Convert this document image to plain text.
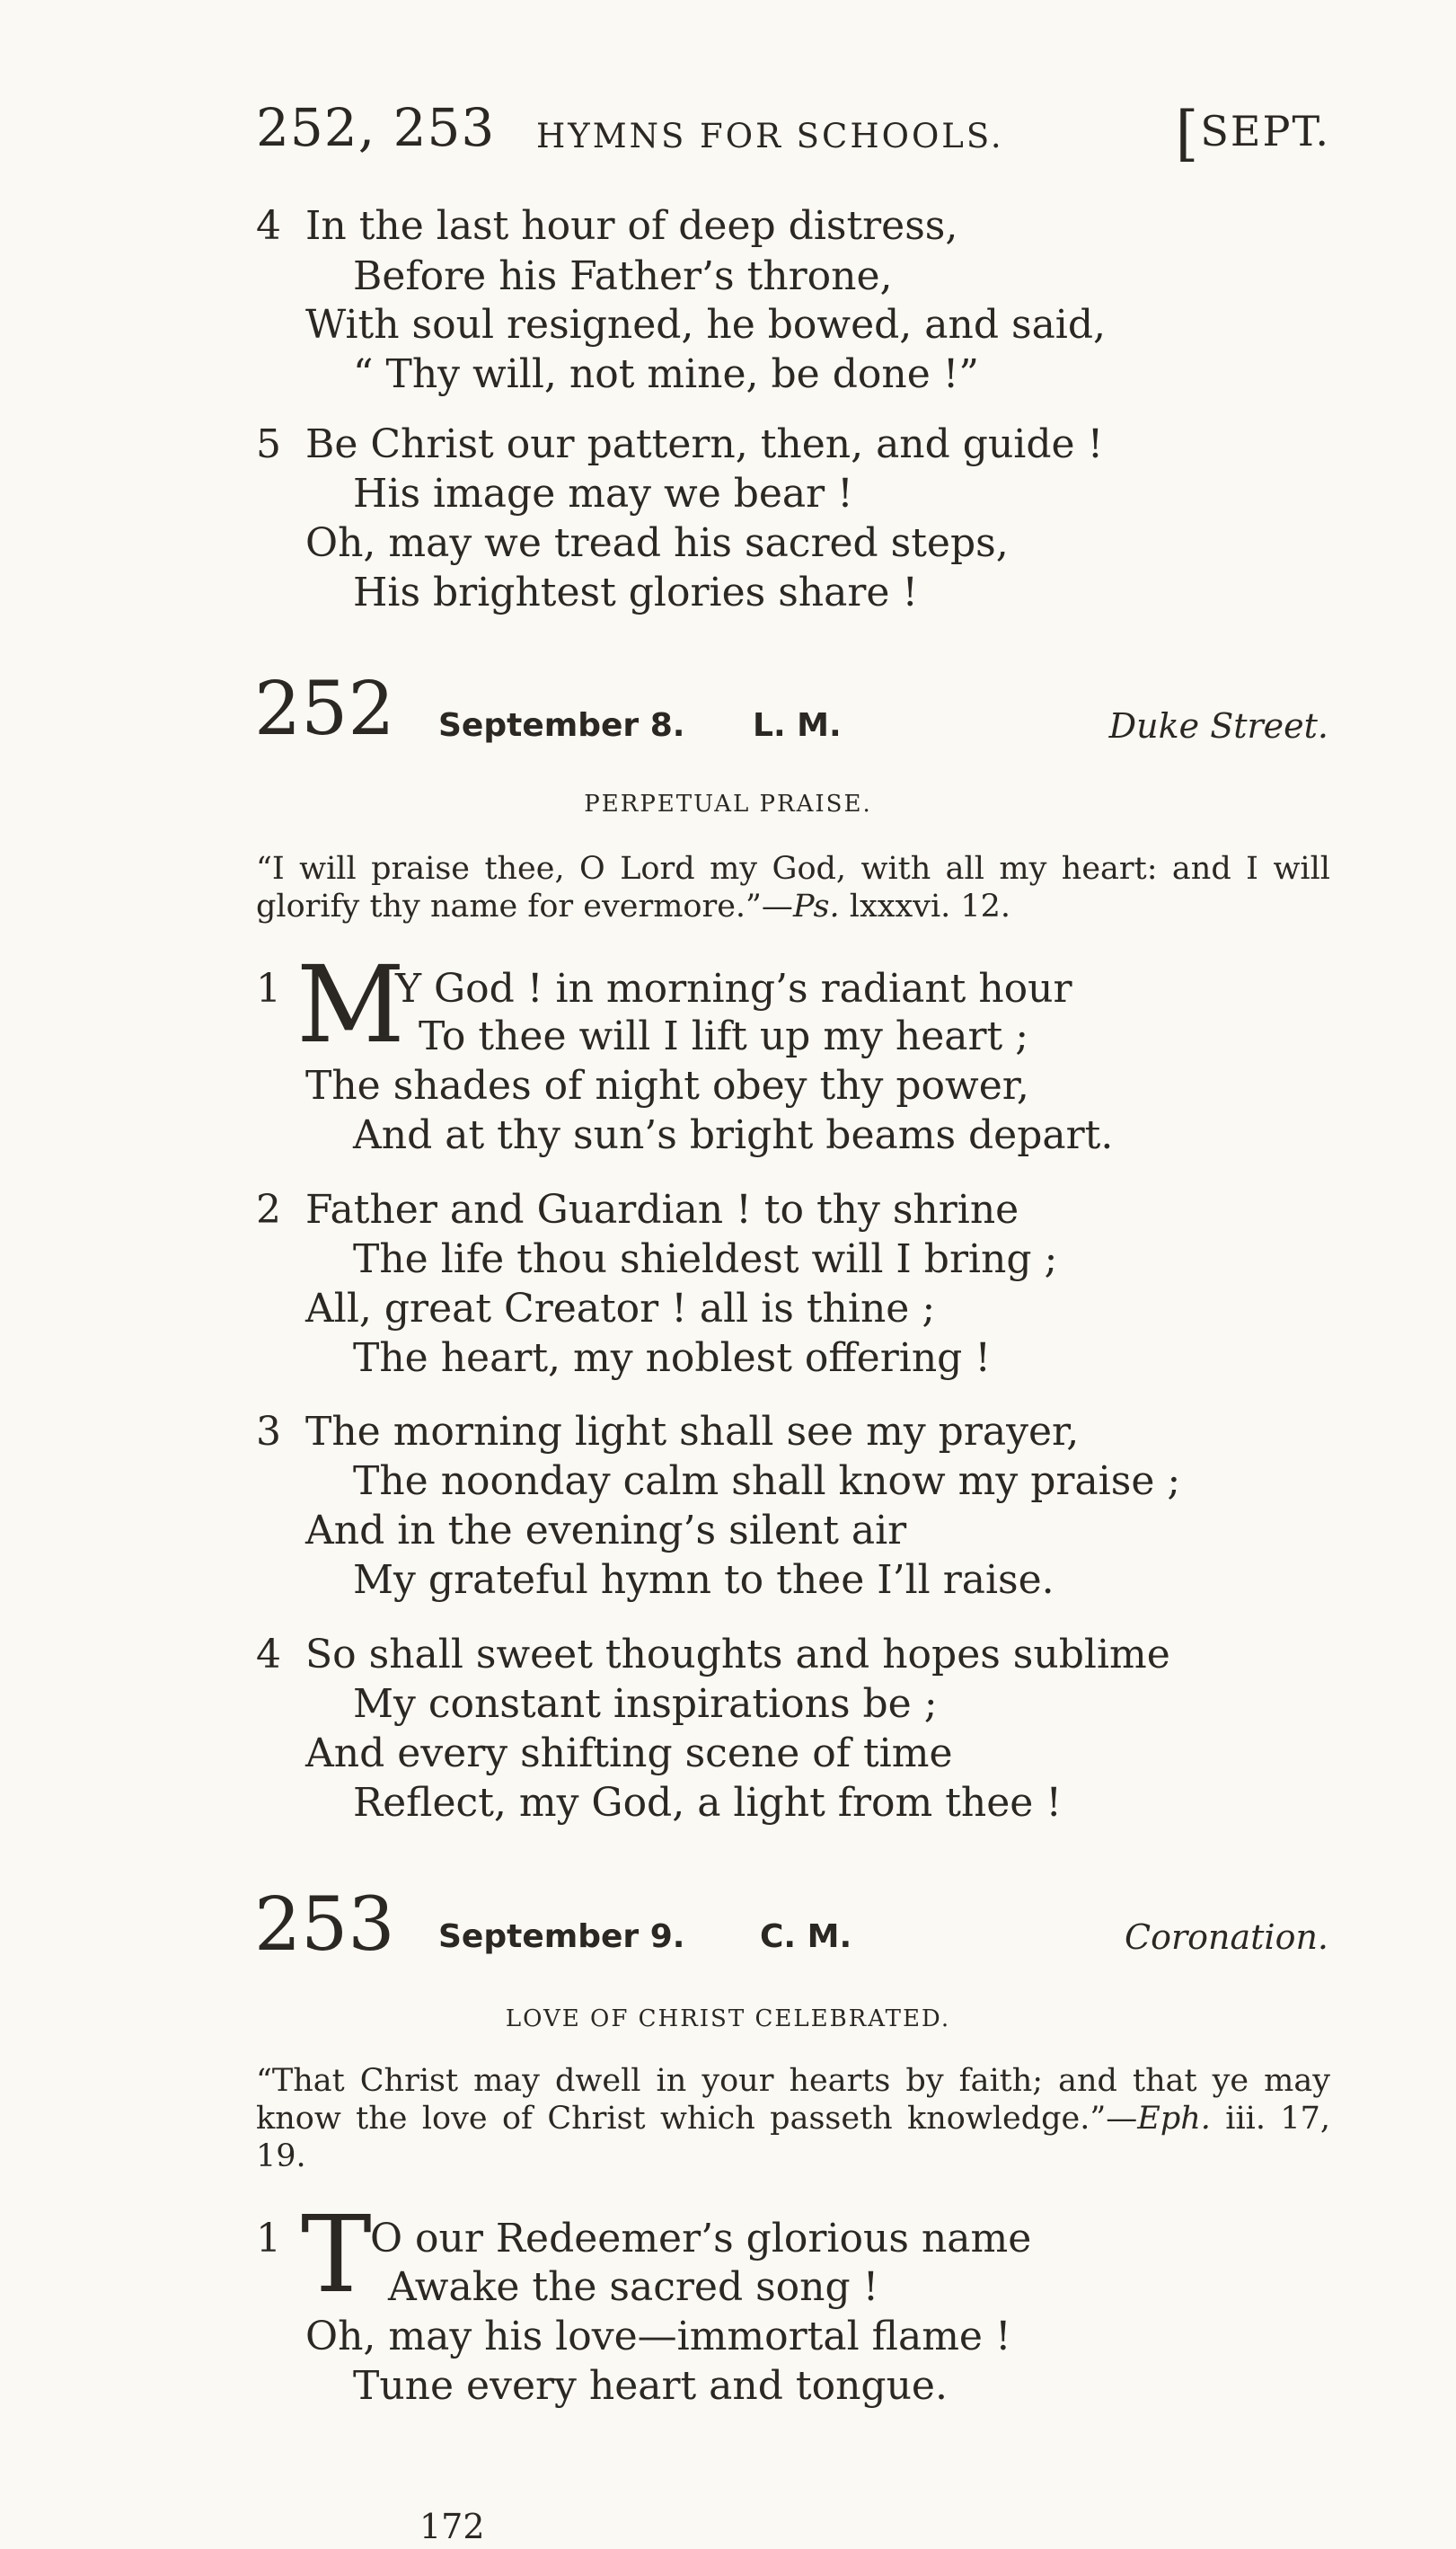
252, 253 HYMNS FOR SCHOOLS.	[SEPT.
4 In the last hour of deep distress,
Before his Father’s throne,
With soul resigned, he bowed, and said,
“ Thy will, not mine, be done !”
5 Be Christ our pattern, then, and guide !
His image may we bear !
Oh, may we tread his sacred steps,
His brightest glories share !
252 September 8. L. M.	Duke Street.
PERPETUAL PRAISE.
“I will praise thee, O Lord my God, with all my heart: and I will glorify thy name for evermore.”—Ps. lxxxvi. 12.
1 M
Y God ! in morning’s radiant hour
To thee will I lift up my heart ;
The shades of night obey thy power,
And at thy sun’s bright beams depart.
2 Father and Guardian ! to thy shrine
The life thou shieldest will I bring ;
All, great Creator ! all is thine ;
The heart, my noblest offering !
3 The morning light shall see my prayer,
The noonday calm shall know my praise ;
And in the evening’s silent air
My grateful hymn to thee I’ll raise.
4 So shall sweet thoughts and hopes sublime
My constant inspirations be ;
And every shifting scene of time
Reflect, my God, a light from thee !
253 September 9. C. M.	Coronation.
LOVE OF CHRIST CELEBRATED.
“That Christ may dwell in your hearts by faith; and that ye may know the love of Christ which passeth knowledge.”—Eph. iii. 17, 19.
1 T
O our Redeemer’s glorious name
Awake the sacred song !
Oh, may his love—immortal flame !
Tune every heart and tongue.
172
